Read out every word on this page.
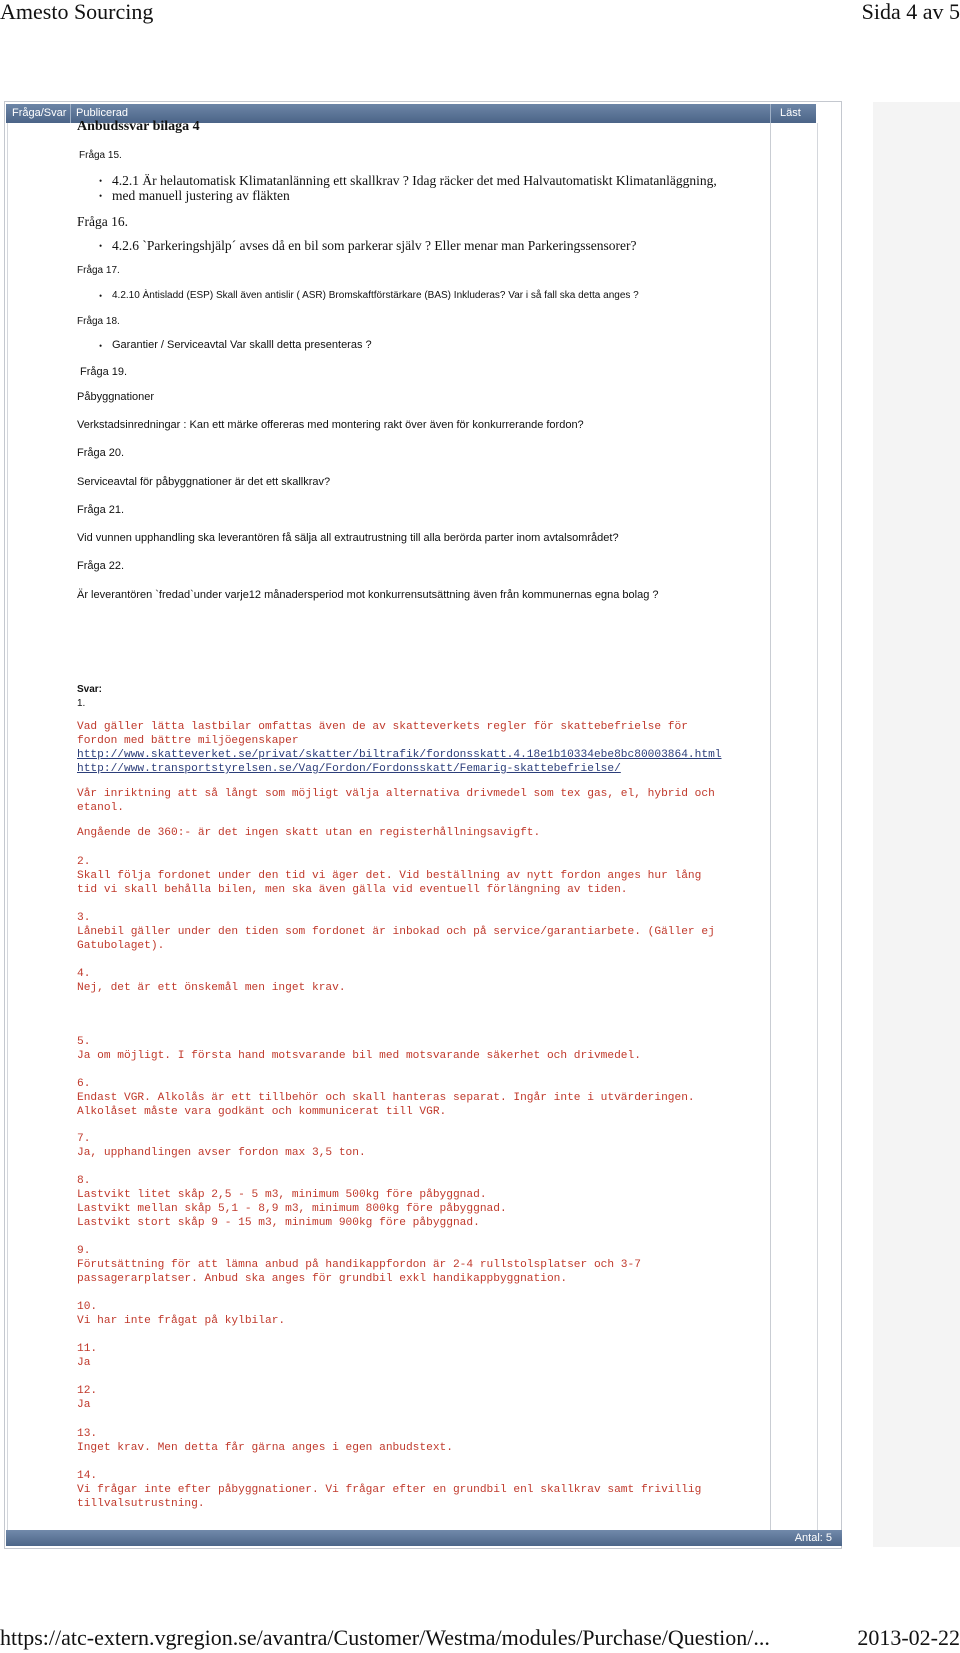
Amesto Sourcing	Sida 4 av 5
Fråga/Svar Publicerad	Läst
Anbudssvar bilaga 4
Fråga 15.
• 4.2.1 Är helautomatisk Klimatanlänning ett skallkrav ? Idag räcker det med Halvautomatiskt Klimatanläggning,
• med manuell justering av fläkten
Fråga 16.
• 4.2.6 `Parkeringshjälp´ avses då en bil som parkerar själv ? Eller menar man Parkeringssensorer?
Fråga 17.
• 4.2.10 Àntisladd (ESP) Skall även antislir ( ASR) Bromskaftförstärkare (BAS) Inkluderas? Var i så fall ska detta anges ?
Fråga 18.
• Garantier / Serviceavtal Var skalll detta presenteras ?
Fråga 19.
Påbyggnationer
Verkstadsinredningar : Kan ett märke offereras med montering rakt över även för konkurrerande fordon?
Fråga 20.
Serviceavtal för påbyggnationer är det ett skallkrav?
Fråga 21.
Vid vunnen upphandling ska leverantören få sälja all extrautrustning till alla berörda parter inom avtalsområdet?
Fråga 22.
Är leverantören `fredad`under varje12 månadersperiod mot konkurrensutsättning även från kommunernas egna bolag ?
Svar:
1.
Vad gäller lätta lastbilar omfattas även de av skatteverkets regler för skattebefrielse för
fordon med bättre miljöegenskaper
http://www.skatteverket.se/privat/skatter/biltrafik/fordonsskatt.4.18e1b10334ebe8bc80003864.html
http://www.transportstyrelsen.se/Vag/Fordon/Fordonsskatt/Femarig-skattebefrielse/
Vår inriktning att så långt som möjligt välja alternativa drivmedel som tex gas, el, hybrid och
etanol.
Angående de 360:- är det ingen skatt utan en registerhållningsavigft.
2.
Skall följa fordonet under den tid vi äger det. Vid beställning av nytt fordon anges hur lång
tid vi skall behålla bilen, men ska även gälla vid eventuell förlängning av tiden.
3.
Lånebil gäller under den tiden som fordonet är inbokad och på service/garantiarbete. (Gäller ej
Gatubolaget).
4.
Nej, det är ett önskemål men inget krav.
5.
Ja om möjligt. I första hand motsvarande bil med motsvarande säkerhet och drivmedel.
6.
Endast VGR. Alkolås är ett tillbehör och skall hanteras separat. Ingår inte i utvärderingen.
Alkolåset måste vara godkänt och kommunicerat till VGR.
7.
Ja, upphandlingen avser fordon max 3,5 ton.
8.
Lastvikt litet skåp 2,5 - 5 m3, minimum 500kg före påbyggnad.
Lastvikt mellan skåp 5,1 - 8,9 m3, minimum 800kg före påbyggnad.
Lastvikt stort skåp 9 - 15 m3, minimum 900kg före påbyggnad.
9.
Förutsättning för att lämna anbud på handikappfordon är 2-4 rullstolsplatser och 3-7
passagerarplatser. Anbud ska anges för grundbil exkl handikappbyggnation.
10.
Vi har inte frågat på kylbilar.
11.
Ja
12.
Ja
13.
Inget krav. Men detta får gärna anges i egen anbudstext.
14.
Vi frågar inte efter påbyggnationer. Vi frågar efter en grundbil enl skallkrav samt frivillig
tillvalsutrustning.
Antal: 5
https://atc-extern.vgregion.se/avantra/Customer/Westma/modules/Purchase/Question/...	2013-02-22
